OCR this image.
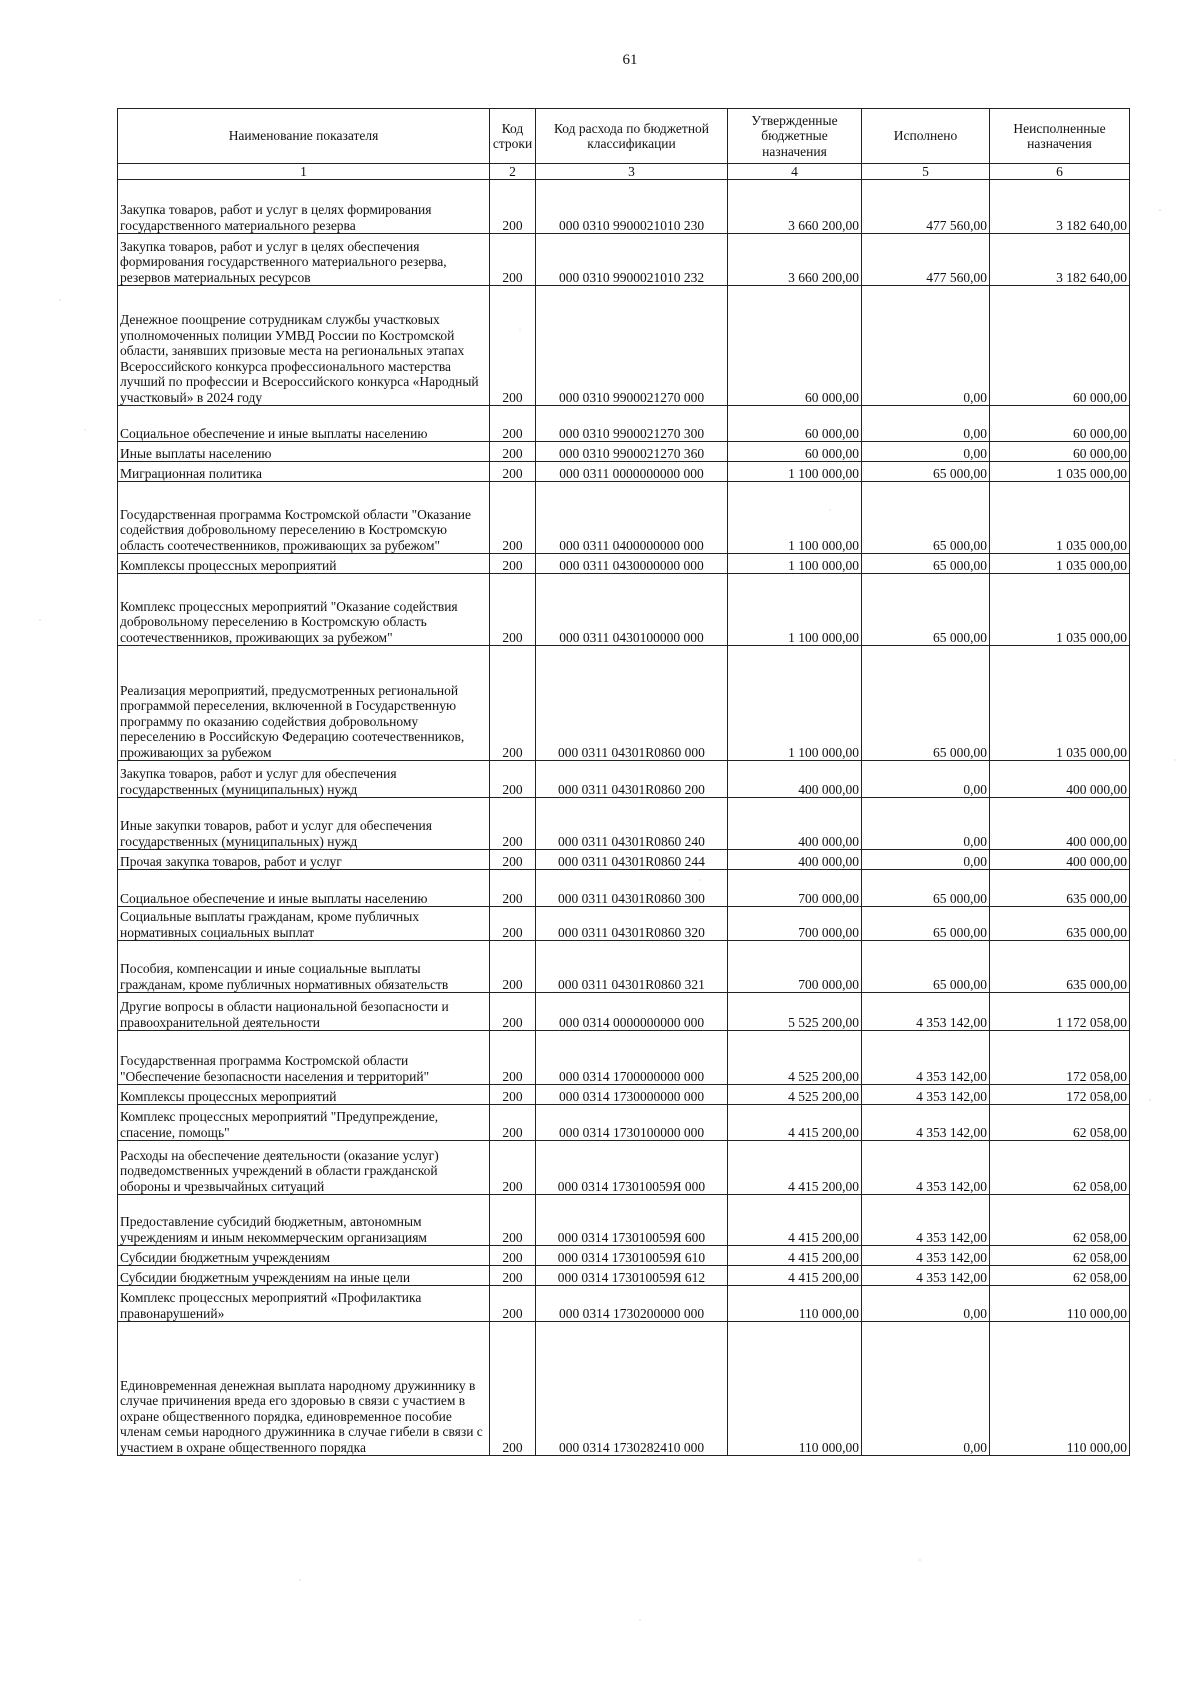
61
Наименование показателя	Код строки	Код расхода по бюджетной классификации	Утвержденные бюджетные назначения	Исполнено	Неисполненные назначения
1	2	3	4	5	6
Закупка товаров, работ и услуг в целях формирования государственного материального резерва	200	000 0310 9900021010 230	3 660 200,00	477 560,00	3 182 640,00
Закупка товаров, работ и услуг в целях обеспечения формирования государственного материального резерва, резервов материальных ресурсов	200	000 0310 9900021010 232	3 660 200,00	477 560,00	3 182 640,00
Денежное поощрение сотрудникам службы участковых уполномоченных полиции УМВД России по Костромской области, занявших призовые места на региональных этапах Всероссийского конкурса профессионального мастерства лучший по профессии и Всероссийского конкурса «Народный участковый» в 2024 году	200	000 0310 9900021270 000	60 000,00	0,00	60 000,00
Социальное обеспечение и иные выплаты населению	200	000 0310 9900021270 300	60 000,00	0,00	60 000,00
Иные выплаты населению	200	000 0310 9900021270 360	60 000,00	0,00	60 000,00
Миграционная политика	200	000 0311 0000000000 000	1 100 000,00	65 000,00	1 035 000,00
Государственная программа Костромской области "Оказание содействия добровольному переселению в Костромскую область соотечественников, проживающих за рубежом"	200	000 0311 0400000000 000	1 100 000,00	65 000,00	1 035 000,00
Комплексы процессных мероприятий	200	000 0311 0430000000 000	1 100 000,00	65 000,00	1 035 000,00
Комплекс процессных мероприятий "Оказание содействия добровольному переселению в Костромскую область соотечественников, проживающих за рубежом"	200	000 0311 0430100000 000	1 100 000,00	65 000,00	1 035 000,00
Реализация мероприятий, предусмотренных региональной программой переселения, включенной в Государственную программу по оказанию содействия добровольному переселению в Российскую Федерацию соотечественников, проживающих за рубежом	200	000 0311 04301R0860 000	1 100 000,00	65 000,00	1 035 000,00
Закупка товаров, работ и услуг для обеспечения государственных (муниципальных) нужд	200	000 0311 04301R0860 200	400 000,00	0,00	400 000,00
Иные закупки товаров, работ и услуг для обеспечения государственных (муниципальных) нужд	200	000 0311 04301R0860 240	400 000,00	0,00	400 000,00
Прочая закупка товаров, работ и услуг	200	000 0311 04301R0860 244	400 000,00	0,00	400 000,00
Социальное обеспечение и иные выплаты населению	200	000 0311 04301R0860 300	700 000,00	65 000,00	635 000,00
Социальные выплаты гражданам, кроме публичных нормативных социальных выплат	200	000 0311 04301R0860 320	700 000,00	65 000,00	635 000,00
Пособия, компенсации и иные социальные выплаты гражданам, кроме публичных нормативных обязательств	200	000 0311 04301R0860 321	700 000,00	65 000,00	635 000,00
Другие вопросы в области национальной безопасности и правоохранительной деятельности	200	000 0314 0000000000 000	5 525 200,00	4 353 142,00	1 172 058,00
Государственная программа Костромской области "Обеспечение безопасности населения и территорий"	200	000 0314 1700000000 000	4 525 200,00	4 353 142,00	172 058,00
Комплексы процессных мероприятий	200	000 0314 1730000000 000	4 525 200,00	4 353 142,00	172 058,00
Комплекс процессных мероприятий "Предупреждение, спасение, помощь"	200	000 0314 1730100000 000	4 415 200,00	4 353 142,00	62 058,00
Расходы на обеспечение деятельности (оказание услуг) подведомственных учреждений в области гражданской обороны и чрезвычайных ситуаций	200	000 0314 173010059Я 000	4 415 200,00	4 353 142,00	62 058,00
Предоставление субсидий бюджетным, автономным учреждениям и иным некоммерческим организациям	200	000 0314 173010059Я 600	4 415 200,00	4 353 142,00	62 058,00
Субсидии бюджетным учреждениям	200	000 0314 173010059Я 610	4 415 200,00	4 353 142,00	62 058,00
Субсидии бюджетным учреждениям на иные цели	200	000 0314 173010059Я 612	4 415 200,00	4 353 142,00	62 058,00
Комплекс процессных мероприятий «Профилактика правонарушений»	200	000 0314 1730200000 000	110 000,00	0,00	110 000,00
Единовременная денежная выплата народному дружиннику в случае причинения вреда его здоровью в связи с участием в охране общественного порядка, единовременное пособие членам семьи народного дружинника в случае гибели в связи с участием в охране общественного порядка	200	000 0314 1730282410 000	110 000,00	0,00	110 000,00
